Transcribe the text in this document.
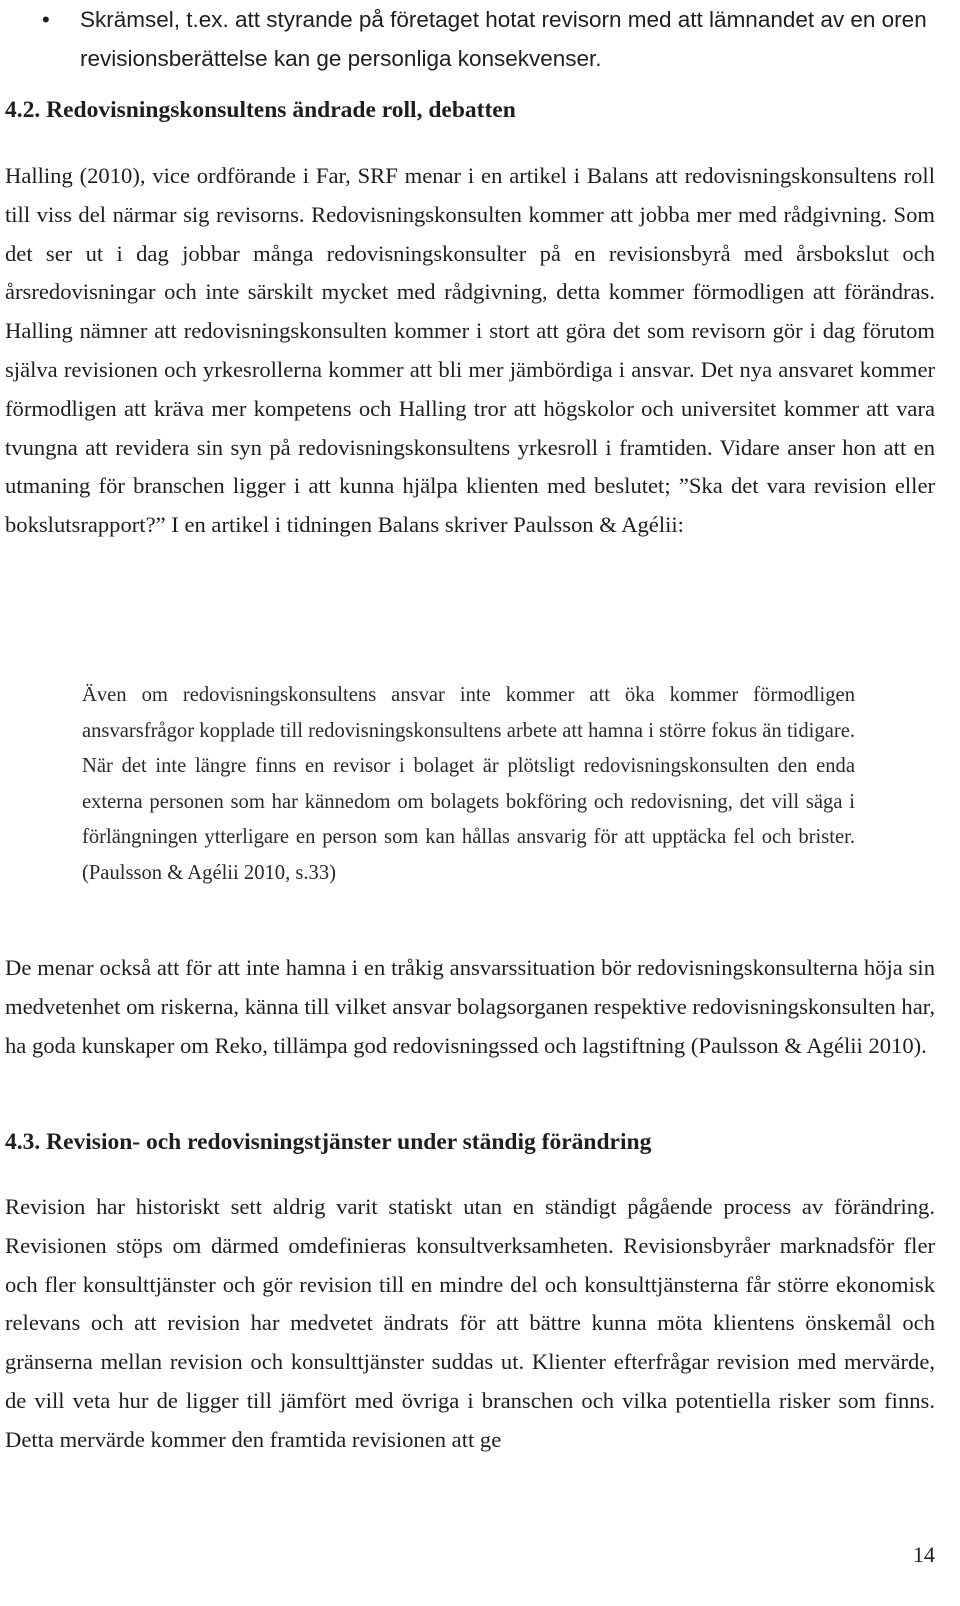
• Skrämsel, t.ex. att styrande på företaget hotat revisorn med att lämnandet av en oren revisionsberättelse kan ge personliga konsekvenser.

4.2. Redovisningskonsultens ändrade roll, debatten

Halling (2010), vice ordförande i Far, SRF menar i en artikel i Balans att redovisningskonsultens roll till viss del närmar sig revisorns. Redovisningskonsulten kommer att jobba mer med rådgivning. Som det ser ut i dag jobbar många redovisningskonsulter på en revisionsbyrå med årsbokslut och årsredovisningar och inte särskilt mycket med rådgivning, detta kommer förmodligen att förändras. Halling nämner att redovisningskonsulten kommer i stort att göra det som revisorn gör i dag förutom själva revisionen och yrkesrollerna kommer att bli mer jämbördiga i ansvar. Det nya ansvaret kommer förmodligen att kräva mer kompetens och Halling tror att högskolor och universitet kommer att vara tvungna att revidera sin syn på redovisningskonsultens yrkesroll i framtiden. Vidare anser hon att en utmaning för branschen ligger i att kunna hjälpa klienten med beslutet; ”Ska det vara revision eller bokslutsrapport?” I en artikel i tidningen Balans skriver Paulsson & Agélii:

Även om redovisningskonsultens ansvar inte kommer att öka kommer förmodligen ansvarsfrågor kopplade till redovisningskonsultens arbete att hamna i större fokus än tidigare. När det inte längre finns en revisor i bolaget är plötsligt redovisningskonsulten den enda externa personen som har kännedom om bolagets bokföring och redovisning, det vill säga i förlängningen ytterligare en person som kan hållas ansvarig för att upptäcka fel och brister. (Paulsson & Agélii 2010, s.33)

De menar också att för att inte hamna i en tråkig ansvarssituation bör redovisningskonsulterna höja sin medvetenhet om riskerna, känna till vilket ansvar bolagsorganen respektive redovisningskonsulten har, ha goda kunskaper om Reko, tillämpa god redovisningssed och lagstiftning (Paulsson & Agélii 2010).

4.3. Revision- och redovisningstjänster under ständig förändring

Revision har historiskt sett aldrig varit statiskt utan en ständigt pågående process av förändring. Revisionen stöps om därmed omdefinieras konsultverksamheten. Revisionsbyråer marknadsför fler och fler konsulttjänster och gör revision till en mindre del och konsulttjänsterna får större ekonomisk relevans och att revision har medvetet ändrats för att bättre kunna möta klientens önskemål och gränserna mellan revision och konsulttjänster suddas ut. Klienter efterfrågar revision med mervärde, de vill veta hur de ligger till jämfört med övriga i branschen och vilka potentiella risker som finns. Detta mervärde kommer den framtida revisionen att ge

14
